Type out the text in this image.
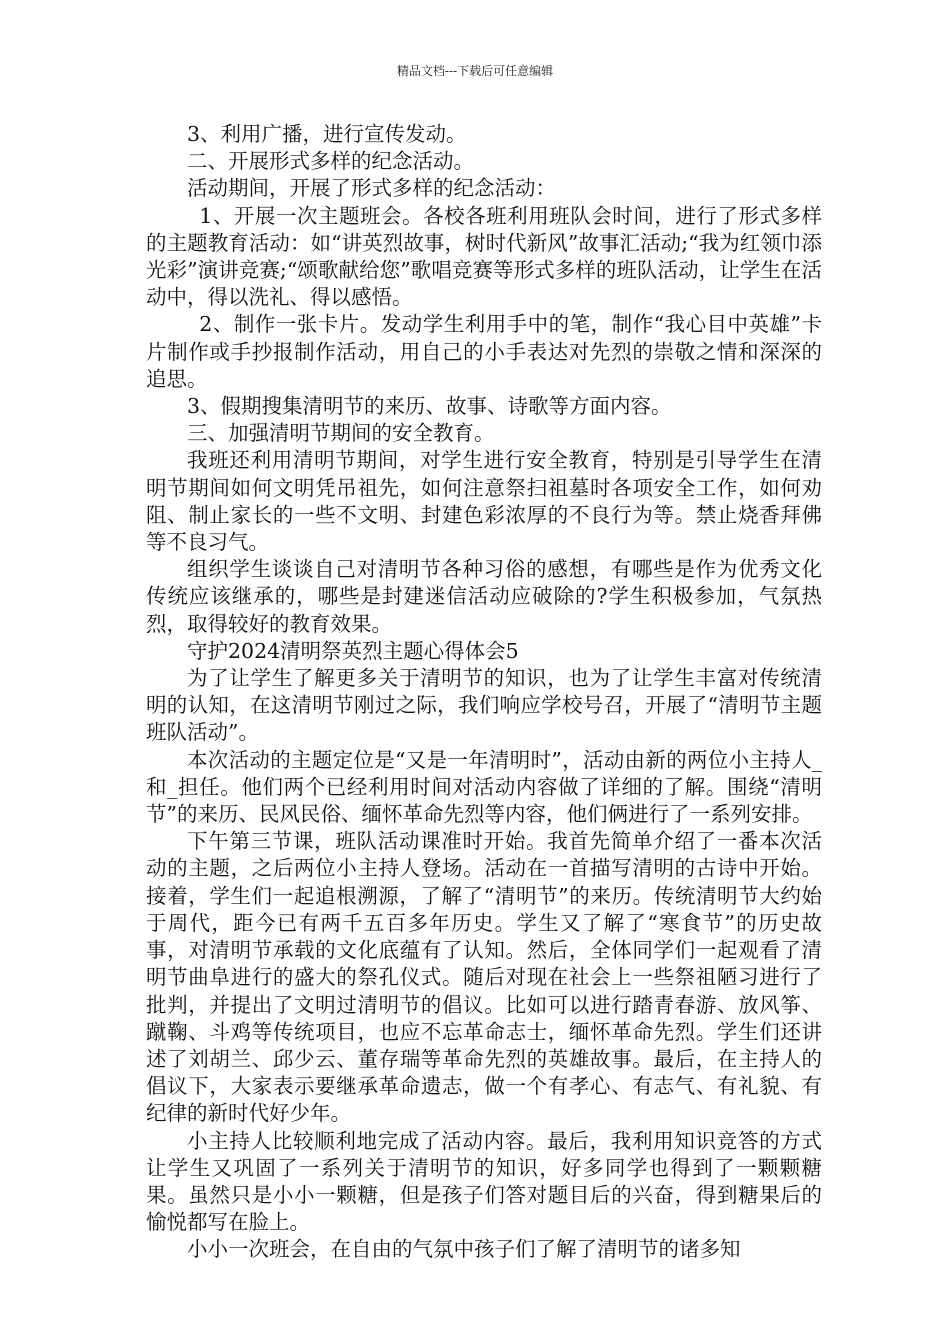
精品文档---下载后可任意编辑

3、利用广播，进行宣传发动。

二、开展形式多样的纪念活动。

活动期间，开展了形式多样的纪念活动：

1、开展一次主题班会。各校各班利用班队会时间，进行了形式多样的主题教育活动：如“讲英烈故事，树时代新风”故事汇活动;“我为红领巾添光彩”演讲竞赛;“颂歌献给您”歌唱竞赛等形式多样的班队活动，让学生在活动中，得以洗礼、得以感悟。

2、制作一张卡片。发动学生利用手中的笔，制作“我心目中英雄”卡片制作或手抄报制作活动，用自己的小手表达对先烈的崇敬之情和深深的追思。

3、假期搜集清明节的来历、故事、诗歌等方面内容。

三、加强清明节期间的安全教育。

我班还利用清明节期间，对学生进行安全教育，特别是引导学生在清明节期间如何文明凭吊祖先，如何注意祭扫祖墓时各项安全工作，如何劝阻、制止家长的一些不文明、封建色彩浓厚的不良行为等。禁止烧香拜佛等不良习气。

组织学生谈谈自己对清明节各种习俗的感想，有哪些是作为优秀文化传统应该继承的，哪些是封建迷信活动应破除的?学生积极参加，气氛热烈，取得较好的教育效果。

守护2024清明祭英烈主题心得体会5

为了让学生了解更多关于清明节的知识，也为了让学生丰富对传统清明的认知，在这清明节刚过之际，我们响应学校号召，开展了“清明节主题班队活动”。

本次活动的主题定位是“又是一年清明时”，活动由新的两位小主持人_和_担任。他们两个已经利用时间对活动内容做了详细的了解。围绕“清明节”的来历、民风民俗、缅怀革命先烈等内容，他们俩进行了一系列安排。

下午第三节课，班队活动课准时开始。我首先简单介绍了一番本次活动的主题，之后两位小主持人登场。活动在一首描写清明的古诗中开始。接着，学生们一起追根溯源，了解了“清明节”的来历。传统清明节大约始于周代，距今已有两千五百多年历史。学生又了解了“寒食节”的历史故事，对清明节承载的文化底蕴有了认知。然后，全体同学们一起观看了清明节曲阜进行的盛大的祭孔仪式。随后对现在社会上一些祭祖陋习进行了批判，并提出了文明过清明节的倡议。比如可以进行踏青春游、放风筝、蹴鞠、斗鸡等传统项目，也应不忘革命志士，缅怀革命先烈。学生们还讲述了刘胡兰、邱少云、董存瑞等革命先烈的英雄故事。最后，在主持人的倡议下，大家表示要继承革命遗志，做一个有孝心、有志气、有礼貌、有纪律的新时代好少年。

小主持人比较顺利地完成了活动内容。最后，我利用知识竞答的方式让学生又巩固了一系列关于清明节的知识，好多同学也得到了一颗颗糖果。虽然只是小小一颗糖，但是孩子们答对题目后的兴奋，得到糖果后的愉悦都写在脸上。

小小一次班会，在自由的气氛中孩子们了解了清明节的诸多知
